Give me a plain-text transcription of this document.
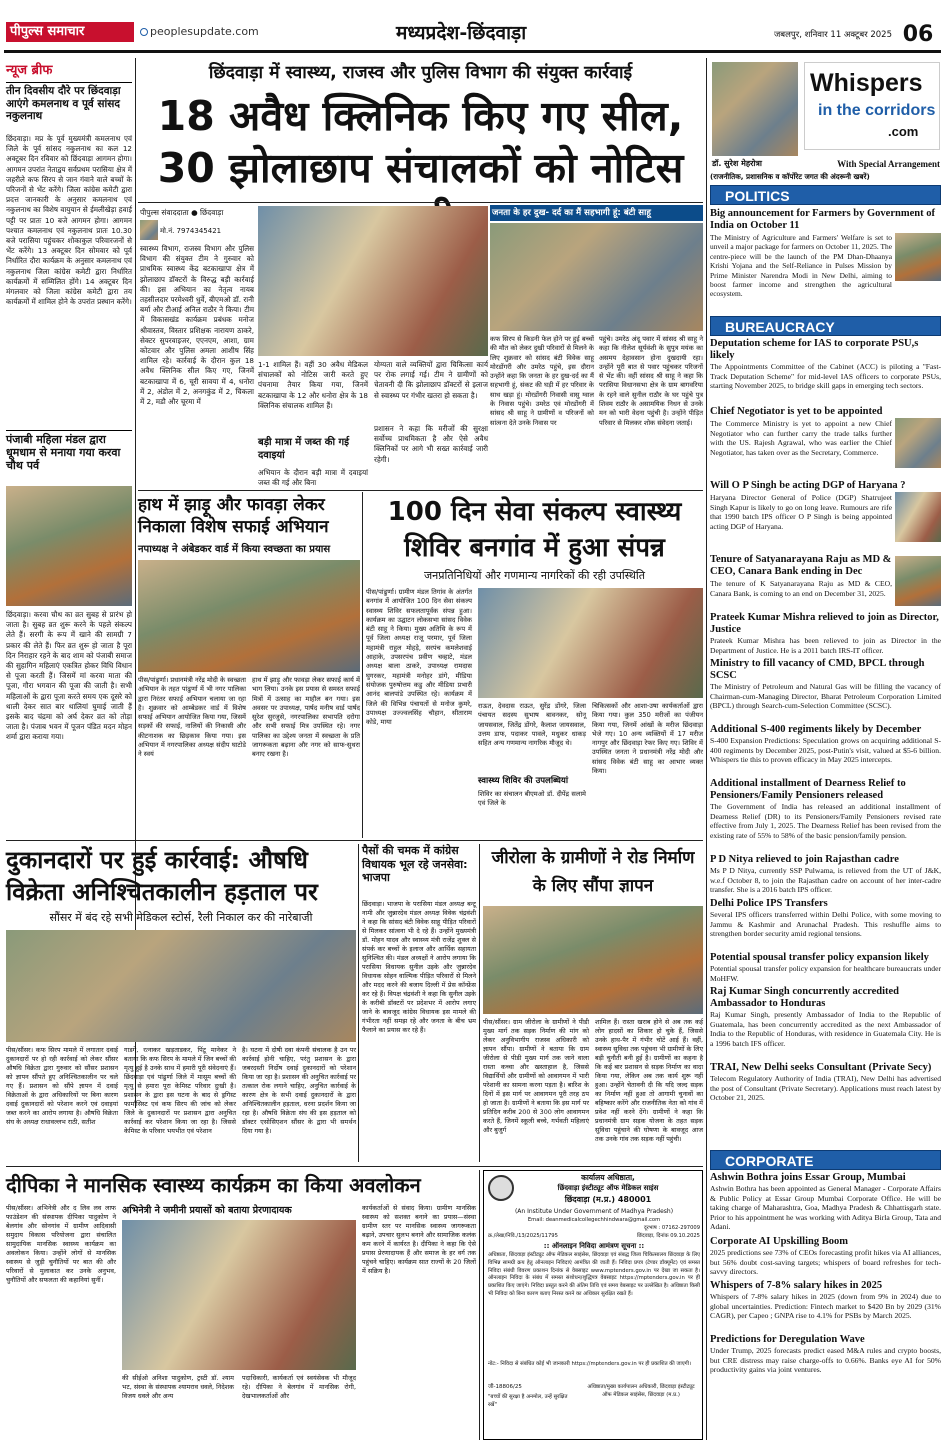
पीपुल्स समाचार	peoplesupdate.com	मध्यप्रदेश-छिंदवाड़ा	जबलपुर, शनिवार 11 अक्टूबर 2025 06
न्यूज ब्रीफ
तीन दिवसीय दौरे पर छिंदवाड़ा आएंगे कमलनाथ व पूर्व सांसद नकुलनाथ
छिंदवाड़ा। मप्र के पूर्व मुख्यमंत्री कमलनाथ एवं जिले के पूर्व सांसद नकुलनाथ का कल 12 अक्टूबर दिन रविवार को छिंदवाड़ा आगमन होगा। आगमन उपरांत नेताद्वय सर्वप्रथम परासिया क्षेत्र में जहरीले कफ सिरप से जान गंवाने वाले बच्चों के परिजनों से भेंट करेंगे। जिला कांग्रेस कमेटी द्वारा प्रदत्त जानकारी के अनुसार कमलनाथ एवं नकुलनाथ का विशेष वायुयान से ईमलीखेड़ा हवाई पट्टी पर प्रातः 10 बजे आगमन होगा। आगमन पश्चात कमलनाथ एवं नकुलनाथ प्रातः 10.30 बजे परासिया पहुंचकर शोकाकुल परिवारजनों से भेंट करेंगे। 13 अक्टूबर दिन सोमवार को पूर्व निर्धारित दौरा कार्यक्रम के अनुसार कमलनाथ एवं नकुलनाथ जिला कांग्रेस कमेटी द्वारा निर्धारित कार्यक्रमों में सम्मिलित होंगे। 14 अक्टूबर दिन मंगलवार को जिला कांग्रेस कमेटी द्वारा तय कार्यक्रमों में शामिल होने के उपरांत प्रस्थान करेंगे।
पंजाबी महिला मंडल द्वारा धूमधाम से मनाया गया करवा चौथ पर्व
छिंदवाड़ा। करवा चौथ का व्रत सुबह से प्रारंभ हो जाता है। सुबह व्रत शुरू करने के पहले संकल्प लेते हैं। सरगी के रूप में खाने की सामग्री 7 प्रकार की लेते हैं। फिर व्रत शुरू हो जाता है पूरा दिन निराहार रहने के बाद शाम को पंजाबी समाज की सुहागिन महिलाएं एकत्रित होकर विधि विधान से पूजा करती हैं। जिसमें मां करवा माता की पूजा, गौरा भगवान की पूजा की जाती है। सभी महिलाओं के द्वारा पूजा करते समय एक दूसरे को थाली देकर सात बार थालियां घुमाई जाती हैं इसके बाद चंद्रमा को अर्घ देकर व्रत को तोड़ा जाता है। पंजाब भवन में पूजन पंडित मदन मोहन शर्मा द्वारा कराया गया।
छिंदवाड़ा में स्वास्थ्य, राजस्व और पुलिस विभाग की संयुक्त कार्रवाई
18 अवैध क्लिनिक किए गए सील, 30 झोलाछाप संचालकों को नोटिस
पीपुल्स संवाददाता ● छिंदवाड़ा
मो.नं. 7974345421
स्वास्थ्य विभाग, राजस्व विभाग और पुलिस विभाग की संयुक्त टीम ने गुरुवार को प्राथमिक स्वास्थ्य केंद्र बटकाखापा क्षेत्र में झोलाछाप डॉक्टरों के विरुद्ध बड़ी कार्रवाई की। इस अभियान का नेतृत्व नायब तहसीलदार परमेश्वरी धुर्वे, बीएमओ डॉ. रानी बर्मा और टीआई अनिल राठौर ने किया। टीम में विकासखंड कार्यक्रम प्रबंधक मनोज श्रीवास्तव, विस्तार प्रशिक्षक नारायण ठाकरे, सेक्टर सुपरवाइजर, एएनएम, आशा, ग्राम कोटवार और पुलिस अमला आशीष सिंह शामिल रहे। कार्रवाई के दौरान कुल 18 अवैध क्लिनिक सील किए गए, जिनमें बटकाखापा में 6, चूरी सावया में 4, धनोरा में 2, अंडोल में 2, अनगकुंड में 2, चिकला में 2, मडौ और चूरमा में
1-1 शामिल हैं। वहीं 30 अवैध मेडिकल संचालकों को नोटिस जारी करते हुए पंचनामा तैयार किया गया, जिनमें बटकाखापा के 12 और धनोरा क्षेत्र के 18 क्लिनिक संचालक शामिल हैं।
बड़ी मात्रा में जब्त की गई दवाइयां
अभियान के दौरान बड़ी मात्रा में दवाइयां जब्त की गई और बिना
योग्यता वाले व्यक्तियों द्वारा चिकित्सा कार्य पर रोक लगाई गई। टीम ने ग्रामीणों को चेतावनी दी कि झोलाछाप डॉक्टरों से इलाज से स्वास्थ्य पर गंभीर खतरा हो सकता है।
प्रशासन ने कहा कि मरीजों की सुरक्षा सर्वोच्च प्राथमिकता है और ऐसे अवैध क्लिनिकों पर आगे भी सख्त कार्रवाई जारी रहेगी।
जनता के हर दुख- दर्द का मैं सहभागी हूं: बंटी साहू
कफ सिरप से किडनी फेल होने पर हुई बच्चों की मौत को लेकर दुखी परिवारों से मिलने के लिए शुक्रवार को सांसद बंटी विवेक साहू मोरडोंगरी और उमरेठ पहुंचे, इस दौरान उन्होंने कहा कि जनता के हर दुख-दर्द का मैं सहभागी हूं, संकट की घड़ी में हर परिवार के साथ खड़ा हूं। मोरडोंगरी निवासी वासु ग्वाल के निवास पहुंचे। उमरेठ एवं मोरडोंगरी में सांसद श्री साहू ने ग्रामीणों व परिजनों को सांत्वना देते उनके निवास पर
पहुंचे। उमरेठ अंदू पवार में सांसद श्री साहू ने कहा कि नीलेश सूर्यवंशी के सुपुत्र मयंक का असमय देहावसान होना दुखदायी रहा। उन्होंने पूरी बात से पवार पहुंचकर परिजनों से भेंट की। वहीं सांसद श्री साहू ने कहा कि परासिया विधानसभा क्षेत्र के ग्राम बागवरिया के रहने वाले सुनील राठौर के घर पहुंचे पुत्र शिवम राठौर के असामयिक निधन से उनके मन को भारी वेदना पहुंची है। उन्होंने पीड़ित परिवार से मिलकर शोक संवेदना जताई।
हाथ में झाड़ू और फावड़ा लेकर निकाला विशेष सफाई अभियान
नपाध्यक्ष ने अंबेडकर वार्ड में किया स्वच्छता का प्रयास
पीस/पांढुर्णा। प्रधानमंत्री नरेंद्र मोदी के स्वच्छता अभियान के तहत पांढुर्णा में भी नगर पालिका द्वारा निरंतर सफाई अभियान चलाया जा रहा है। शुक्रवार को आम्बेडकर वार्ड में विशेष सफाई अभियान आयोजित किया गया, जिसमें सड़कों की सफाई, नालियों की निकासी और कीटनाशक का छिड़काव किया गया। इस अभियान में नगरपालिका अध्यक्ष संदीप घाटोडे ने स्वयं
हाथ में झाड़ू और फावड़ा लेकर सफाई कार्य में भाग लिया। उनके इस प्रयास से समस्त सफाई मित्रों में उत्साह का माहौल बन गया। इस अवसर पर उपाध्यक्ष, पार्षद मनीष वार्ड पार्षद सुरेश सुरजुसे, नगरपालिका सभापति दरोगा और सभी सफाई मित्र उपस्थित रहे। नगर पालिका का उद्देश्य जनता में स्वच्छता के प्रति जागरूकता बढ़ाना और नगर को साफ-सुथरा बनाए रखना है।
100 दिन सेवा संकल्प स्वास्थ्य शिविर बनगांव में हुआ संपन्न
जनप्रतिनिधियों और गणमान्य नागरिकों की रही उपस्थिति
पीस/पांढुर्णा। ग्रामीण मंडल तिगांव के अंतर्गत बनगांव में आयोजित 100 दिन सेवा संकल्प स्वास्थ्य शिविर सफलतापूर्वक संपन्न हुआ। कार्यक्रम का उद्घाटन लोकसभा सांसद विवेक बंटी साहू ने किया। मुख्य अतिथि के रूप में पूर्व जिला अध्यक्ष राजू परमार, पूर्व जिला महामंत्री राहुल मोहड़े, सरपंच कमलेशवाई आहाके, उपसरपंच प्रवीण चव्हाटे, मंडल अध्यक्ष बाला ठाकरे, उपाध्यक्ष रामदास घुगरकर, महामंत्री मनोहर डांगे, मीडिया संयोजक पुरुषोत्तम कडु और मीडिया प्रभारी आनंद बालपांडे उपस्थित रहे। कार्यक्रम में जिले की विभिन्न पंचायतों से मनोज कुमरे, उपाध्यक्ष उज्ज्वलसिंह चौहान, सीताराम कोडे, माया
राऊत, देवदास राऊत, सुरेंद्र डोंगरे, जिला पंचायत सदस्य सुभाष बावनकर, सोनू जायसवाल, जितेंद्र डोंगरे, कैलाश जायसवाल, उत्तम डाफ, पदाकर पावले, मधुकर धाकड़ सहित अन्य गणमान्य नागरिक मौजूद थे।
स्वास्थ्य शिविर की उपलब्धियां
शिविर का संचालन बीएमओ डॉ. दीपेंद्र सलामे एवं जिले के
चिकित्सकों और आशा-उषा कार्यकर्ताओं द्वारा किया गया। कुल 350 मरीजों का पंजीयन किया गया, जिनमें आंखों के मरीज छिंदवाड़ा भेजे गए। 10 अन्य व्यक्तियों में 17 मरीज नागपुर और छिंदवाड़ा रेफर किए गए। शिविर में उपस्थित जनता ने प्रधानमंत्री नरेंद्र मोदी और सांसद विवेक बंटी साहू का आभार व्यक्त किया।
दुकानदारों पर हुई कार्रवाई: औषधि विक्रेता अनिश्चितकालीन हड़ताल पर
सौंसर में बंद रहे सभी मेडिकल स्टोर्स, रैली निकाल कर की नारेबाजी
पीस/सौंसर। कफ सिरप मामले में लगातार दवाई दुकानदारों पर हो रही कार्रवाई को लेकर सौंसर औषधि विक्रेता द्वारा गुरुवार को सौंसर प्रशासन को ज्ञापन सौंपते हुए अनिश्चितकालीन पर चले गए हैं। प्रशासन को सौंपे ज्ञापन में दवाई विक्रेताओं के द्वारा अधिकारियों पर बिना कारण दवाई दुकानदारों को परेशान करने एवं दवाइयां जब्त करने का आरोप लगाया है। औषधि विक्रेता संघ के अध्यक्ष राधावल्लभ राठी, सतीश
गाडगे, रत्नाकर खड़ताडकर, पिंटू मानेकर ने बताया कि कफ सिरप के मामले में जिन बच्चों की मृत्यु हुई है उनके साथ में हमारी पूरी संवेदनाएं हैं। छिंदवाड़ा एवं पांढुर्णा जिले में मासूम बच्चों की मृत्यु से हमारा पूरा केमिस्ट परिवार दुःखी है। प्रशासन के द्वारा इस घटना के बाद से ड्रगिस्ट फार्मासिस्ट एवं कफ सिरप की जांच को लेकर जिले के दुकानदारों पर प्रशासन द्वारा अनुचित कार्रवाई कर परेशान किया जा रहा है। जिससे केमिस्ट के परिवार भयभीत एवं परेशान
है। घटना में दोषी दवा कंपनी संचालक है उन पर कार्रवाई होनी चाहिए, परंतु प्रशासन के द्वारा जबरदस्ती निर्दोष दवाई दुकानदारों को परेशान किया जा रहा है। प्रशासन की अनुचित कार्रवाई पर तत्काल रोक लगाने चाहिए, अनुचित कार्रवाई के कारण क्षेत्र के सभी दवाई दुकानदारों के द्वारा अनिश्चितकालीन हड़ताल, धरना प्रदर्शन किया जा रहा है। औषधि विक्रेता संघ की इस हड़ताल को डॉक्टर एसोसिएशन सौंसर के द्वारा भी समर्थन दिया गया है।
पैसों की चमक में कांग्रेस विधायक भूल रहे जनसेवा: भाजपा
छिंदवाड़ा। भाजपा के परासिया मंडल अध्यक्ष बन्टू नामी और जुन्नारदेव मंडल अध्यक्ष विवेक चंद्रवंशी ने कहा कि सांसद बंटी विवेक साहू पीड़ित परिवारों से मिलकर सांत्वना भी दे रहे हैं। उन्होंने मुख्यमंत्री डॉ. मोहन यादव और स्वास्थ्य मंत्री राजेंद्र शुक्ल से संपर्क कर बच्चों के इलाज और आर्थिक सहायता सुनिश्चित की। मंडल अध्यक्षों ने आरोप लगाया कि परासिया विधायक सुनील उइके और जुन्नारदेव विधायक सोहन वाल्मिक पीड़ित परिवारों से मिलने और मदद करने की बजाय दिल्ली में प्रेस कॉन्फ्रेंस कर रहे हैं। विपक्ष चंद्रवंशी ने कहा कि सुनील उइके के करीबी डॉक्टरों पर प्रदेशभर में आरोप लगाए जाने के बावजूद कांग्रेस विधायक इस मामले की गंभीरता नहीं समझ रहे और जनता के बीच भ्रम फैलाने का प्रयास कर रहे हैं।
जीरोला के ग्रामीणों ने रोड निर्माण के लिए सौंपा ज्ञापन
पीस/सौंसर। ग्राम जीरोला के ग्रामीणों ने पीडी मुख्य मार्ग तक सड़क निर्माण की मांग को लेकर अनुविभागीय राजस्व अधिकारी को ज्ञापन सौंपा। ग्रामीणों ने बताया कि ग्राम जीरोला से पीडी मुख्य मार्ग तक जाने वाला रास्ता कच्चा और खस्ताहाल है, जिससे विद्यार्थियों और ग्रामीणों को आवागमन में भारी परेशानी का सामना करना पड़ता है। बारिश के दिनों में इस मार्ग पर आवागमन पूरी तरह ठप हो जाता है। ग्रामीणों ने बताया कि इस मार्ग पर प्रतिदिन करीब 200 से 300 लोग आवागमन करते हैं, जिनमें स्कूली बच्चे, गर्भवती महिलाएं और बुजुर्ग
शामिल हैं। रास्ता खराब होने से अब तक कई लोग हादसों का शिकार हो चुके हैं, जिससे उनके हाथ-पैर में गंभीर चोटें आई हैं। वहीं, स्वास्थ्य सुविधा तक पहुंचना भी ग्रामीणों के लिए बड़ी चुनौती बनी हुई है। ग्रामीणों का कहना है कि कई बार प्रशासन से सड़क निर्माण का वादा किया गया, लेकिन अब तक कार्य शुरू नहीं हुआ। उन्होंने चेतावनी दी कि यदि जल्द सड़क का निर्माण नहीं हुआ तो आगामी चुनावों का बहिष्कार करेंगे और राजनीतिक नेता को गांव में प्रवेश नहीं करने देंगे। ग्रामीणों ने कहा कि प्रधानमंत्री ग्राम सड़क योजना के तहत सड़क सुविधा पहुंचाने की घोषणा के बावजूद आज तक उनके गांव तक सड़क नहीं पहुंची।
दीपिका ने मानसिक स्वास्थ्य कार्यक्रम का किया अवलोकन
पीस/सौंसर। अभिनेत्री और द लिव लव लाफ फाउंडेशन की संस्थापक दीपिका पादुकोण ने बेलगांव और सोनगांव में ग्रामीण आदिवासी समुदाय विकास परियोजना द्वारा संचालित सामुदायिक मानसिक स्वास्थ्य कार्यक्रम का अवलोकन किया। उन्होंने लोगों से मानसिक स्वास्थ्य से जुड़ी चुनौतियों पर बात की और परिवारों से मुलाकात कर उनके अनुभव, चुनौतियों और सफलता की कहानियां सुनीं।
अभिनेत्री ने जमीनी प्रयासों को बताया प्रेरणादायक
की सीईओ अनिशा पादुकोण, ट्रस्टी डॉ. श्याम भट, संस्था के संस्थापक श्यामराव धवले, निदेशक विजय धवले और अन्य
पदाधिकारी, कार्यकर्ता एवं स्वयंसेवक भी मौजूद रहे। दीपिका ने बेलगांव में मानसिक रोगी, देखभालकर्ताओं और
कार्यकर्ताओं से संवाद किया। ग्रामीण मानसिक स्वास्थ्य को सशक्त बनाने का प्रयास—संस्था ग्रामीण स्तर पर मानसिक स्वास्थ्य जागरूकता बढ़ाने, उपचार सुलभ बनाने और सामाजिक कलंक कम करने में कार्यरत है। दीपिका ने कहा कि ऐसे प्रयास प्रेरणादायक हैं और समाज के हर वर्ग तक पहुंचने चाहिए। कार्यक्रम सात राज्यों के 20 जिलों में सक्रिय है।
कार्यालय अधिष्ठाता,
छिंदवाड़ा इंस्टीट्यूट ऑफ मेडिकल साइंस
छिंदवाड़ा (म.प्र.) 480001
(An Institute Under Government of Madhya Pradesh)
Email: deanmedicalcollegechhindwara@gmail.com
दूरभाष : 07162-297009
क्र./लेखा/निवि./13/2025/11795	छिंदवाड़ा, दिनांक 09.10.2025
:: ऑनलाइन निविदा आमंत्रण सूचना ::
अधिष्ठाता, छिंदवाड़ा इंस्टीट्यूट ऑफ मेडिकल साइंसेस, छिंदवाड़ा एवं संबद्ध जिला चिकित्सालय छिंदवाड़ा के लिए विभिन्न सामग्री क्रय हेतु ऑनलाइन निविदाएं आमंत्रित की जाती हैं। निविदा प्रपत्र (टेण्डर डॉक्यूमेंट) एवं समस्त निविदा संबंधी विवरण प्रकाशन दिनांक से वेबसाइट www.mptenders.gov.in पर देखा जा सकता है। ऑनलाइन निविदा के संबंध में समस्त संशोधन/शुद्धिपत्र वेबसाइट https://mptenders.gov.in पर ही प्रकाशित किए जाएंगे। निविदा प्रस्तुत करने की अंतिम तिथि एवं समय वेबसाइट पर उल्लेखित है। अधिष्ठाता किसी भी निविदा को बिना कारण बताए निरस्त करने का अधिकार सुरक्षित रखते हैं।
नोट:- निविदा से संबंधित कोई भी जानकारी https://mptenders.gov.in पर ही प्रकाशित की जाएगी।
जी-18806/25
"बच्चों की सुरक्षा है अनमोल, उन्हें सुरक्षित रखें"
अधिष्ठाता/मुख्य कार्यपालन अधिकारी, छिंदवाड़ा इंस्टीट्यूट ऑफ मेडिकल साइंसेस, छिंदवाड़ा (म.प्र.)
Whispers
in the corridors
.com
डॉ. सुरेश मेहरोत्रा	With Special Arrangement
(राजनीतिक, प्रशासनिक व कॉर्पोरेट जगत की अंदरूनी खबरें)
POLITICS
Big announcement for Farmers by Government of India on October 11
The Ministry of Agriculture and Farmers' Welfare is set to unveil a major package for farmers on October 11, 2025. The centre-piece will be the launch of the PM Dhan-Dhaanya Krishi Yojana and the Self-Reliance in Pulses Mission by Prime Minister Narendra Modi in New Delhi, aiming to boost farmer income and strengthen the agricultural ecosystem.
BUREAUCRACY
Deputation scheme for IAS to corporate PSU,s likely
The Appointments Committee of the Cabinet (ACC) is piloting a "Fast-Track Deputation Scheme" for mid-level IAS officers to corporate PSUs, starting November 2025, to bridge skill gaps in emerging tech sectors.
Chief Negotiator is yet to be appointed
The Commerce Ministry is yet to appoint a new Chief Negotiator who can further carry the trade talks further with the US. Rajesh Agrawal, who was earlier the Chief Negotiator, has taken over as the Secretary, Commerce.
Will O P Singh be acting DGP of Haryana ?
Haryana Director General of Police (DGP) Shatrujeet Singh Kapur is likely to go on long leave. Rumours are rife that 1990 batch IPS officer O P Singh is being appointed acting DGP of Haryana.
Tenure of Satyanarayana Raju as MD & CEO, Canara Bank ending in Dec
The tenure of K Satyanarayana Raju as MD & CEO, Canara Bank, is coming to an end on December 31, 2025.
Prateek Kumar Mishra relieved to join as Director, Justice
Prateek Kumar Mishra has been relieved to join as Director in the Department of Justice. He is a 2011 batch IRS-IT officer.
Ministry to fill vacancy of CMD, BPCL through SCSC
The Ministry of Petroleum and Natural Gas will be filling the vacancy of Chairman-cum-Managing Director, Bharat Petroleum Corporation Limited (BPCL) through Search-cum-Selection Committee (SCSC).
Additional S-400 regiments likely by December
S-400 Expansion Predictions: Speculation grows on acquiring additional S-400 regiments by December 2025, post-Putin's visit, valued at $5-6 billion. Whispers tie this to proven efficacy in May 2025 intercepts.
Additional installment of Dearness Relief to Pensioners/Family Pensioners released
The Government of India has released an additional installment of Dearness Relief (DR) to its Pensioners/Family Pensioners revised rate effective from July 1, 2025. The Dearness Relief has been revised from the existing rate of 55% to 58% of the basic pension/family pension.
P D Nitya relieved to join Rajasthan cadre
Ms P D Nitya, currently SSP Pulwama, is relieved from the UT of J&K, w.e.f October 8, to join the Rajasthan cadre on account of her inter-cadre transfer. She is a 2016 batch IPS officer.
Delhi Police IPS Transfers
Several IPS officers transferred within Delhi Police, with some moving to Jammu & Kashmir and Arunachal Pradesh. This reshuffle aims to strengthen border security amid regional tensions.
Potential spousal transfer policy expansion likely
Potential spousal transfer policy expansion for healthcare bureaucrats under MoHFW.
Raj Kumar Singh concurrently accredited Ambassador to Honduras
Raj Kumar Singh, presently Ambassador of India to the Republic of Guatemala, has been concurrently accredited as the next Ambassador of India to the Republic of Honduras, with residence in Guatemala City. He is a 1996 batch IFS officer.
TRAI, New Delhi seeks Consultant (Private Secy)
Telecom Regulatory Authority of India (TRAI), New Delhi has advertised the post of Consultant (Private Secretary). Applications must reach latest by October 21, 2025.
CORPORATE
Ashwin Bothra joins Essar Group, Mumbai
Ashwin Bothra has been appointed as General Manager - Corporate Affairs & Public Policy at Essar Group Mumbai Corporate Office. He will be taking charge of Maharashtra, Goa, Madhya Pradesh & Chhattisgarh state. Prior to his appointment he was working with Aditya Birla Group, Tata and Adani.
Corporate AI Upskilling Boom
2025 predictions see 73% of CEOs forecasting profit hikes via AI alliances, but 56% doubt cost-saving targets; whispers of board refreshes for tech-savvy directors.
Whispers of 7-8% salary hikes in 2025
Whispers of 7-8% salary hikes in 2025 (down from 9% in 2024) due to global uncertainties. Prediction: Fintech market to $420 Bn by 2029 (31% CAGR), per Capeo ; GNPA rise to 4.1% for PSBs by March 2025.
Predictions for Deregulation Wave
Under Trump, 2025 forecasts predict eased M&A rules and crypto boosts, but CRE distress may raise charge-offs to 0.66%. Banks eye AI for 50% productivity gains via joint ventures.
